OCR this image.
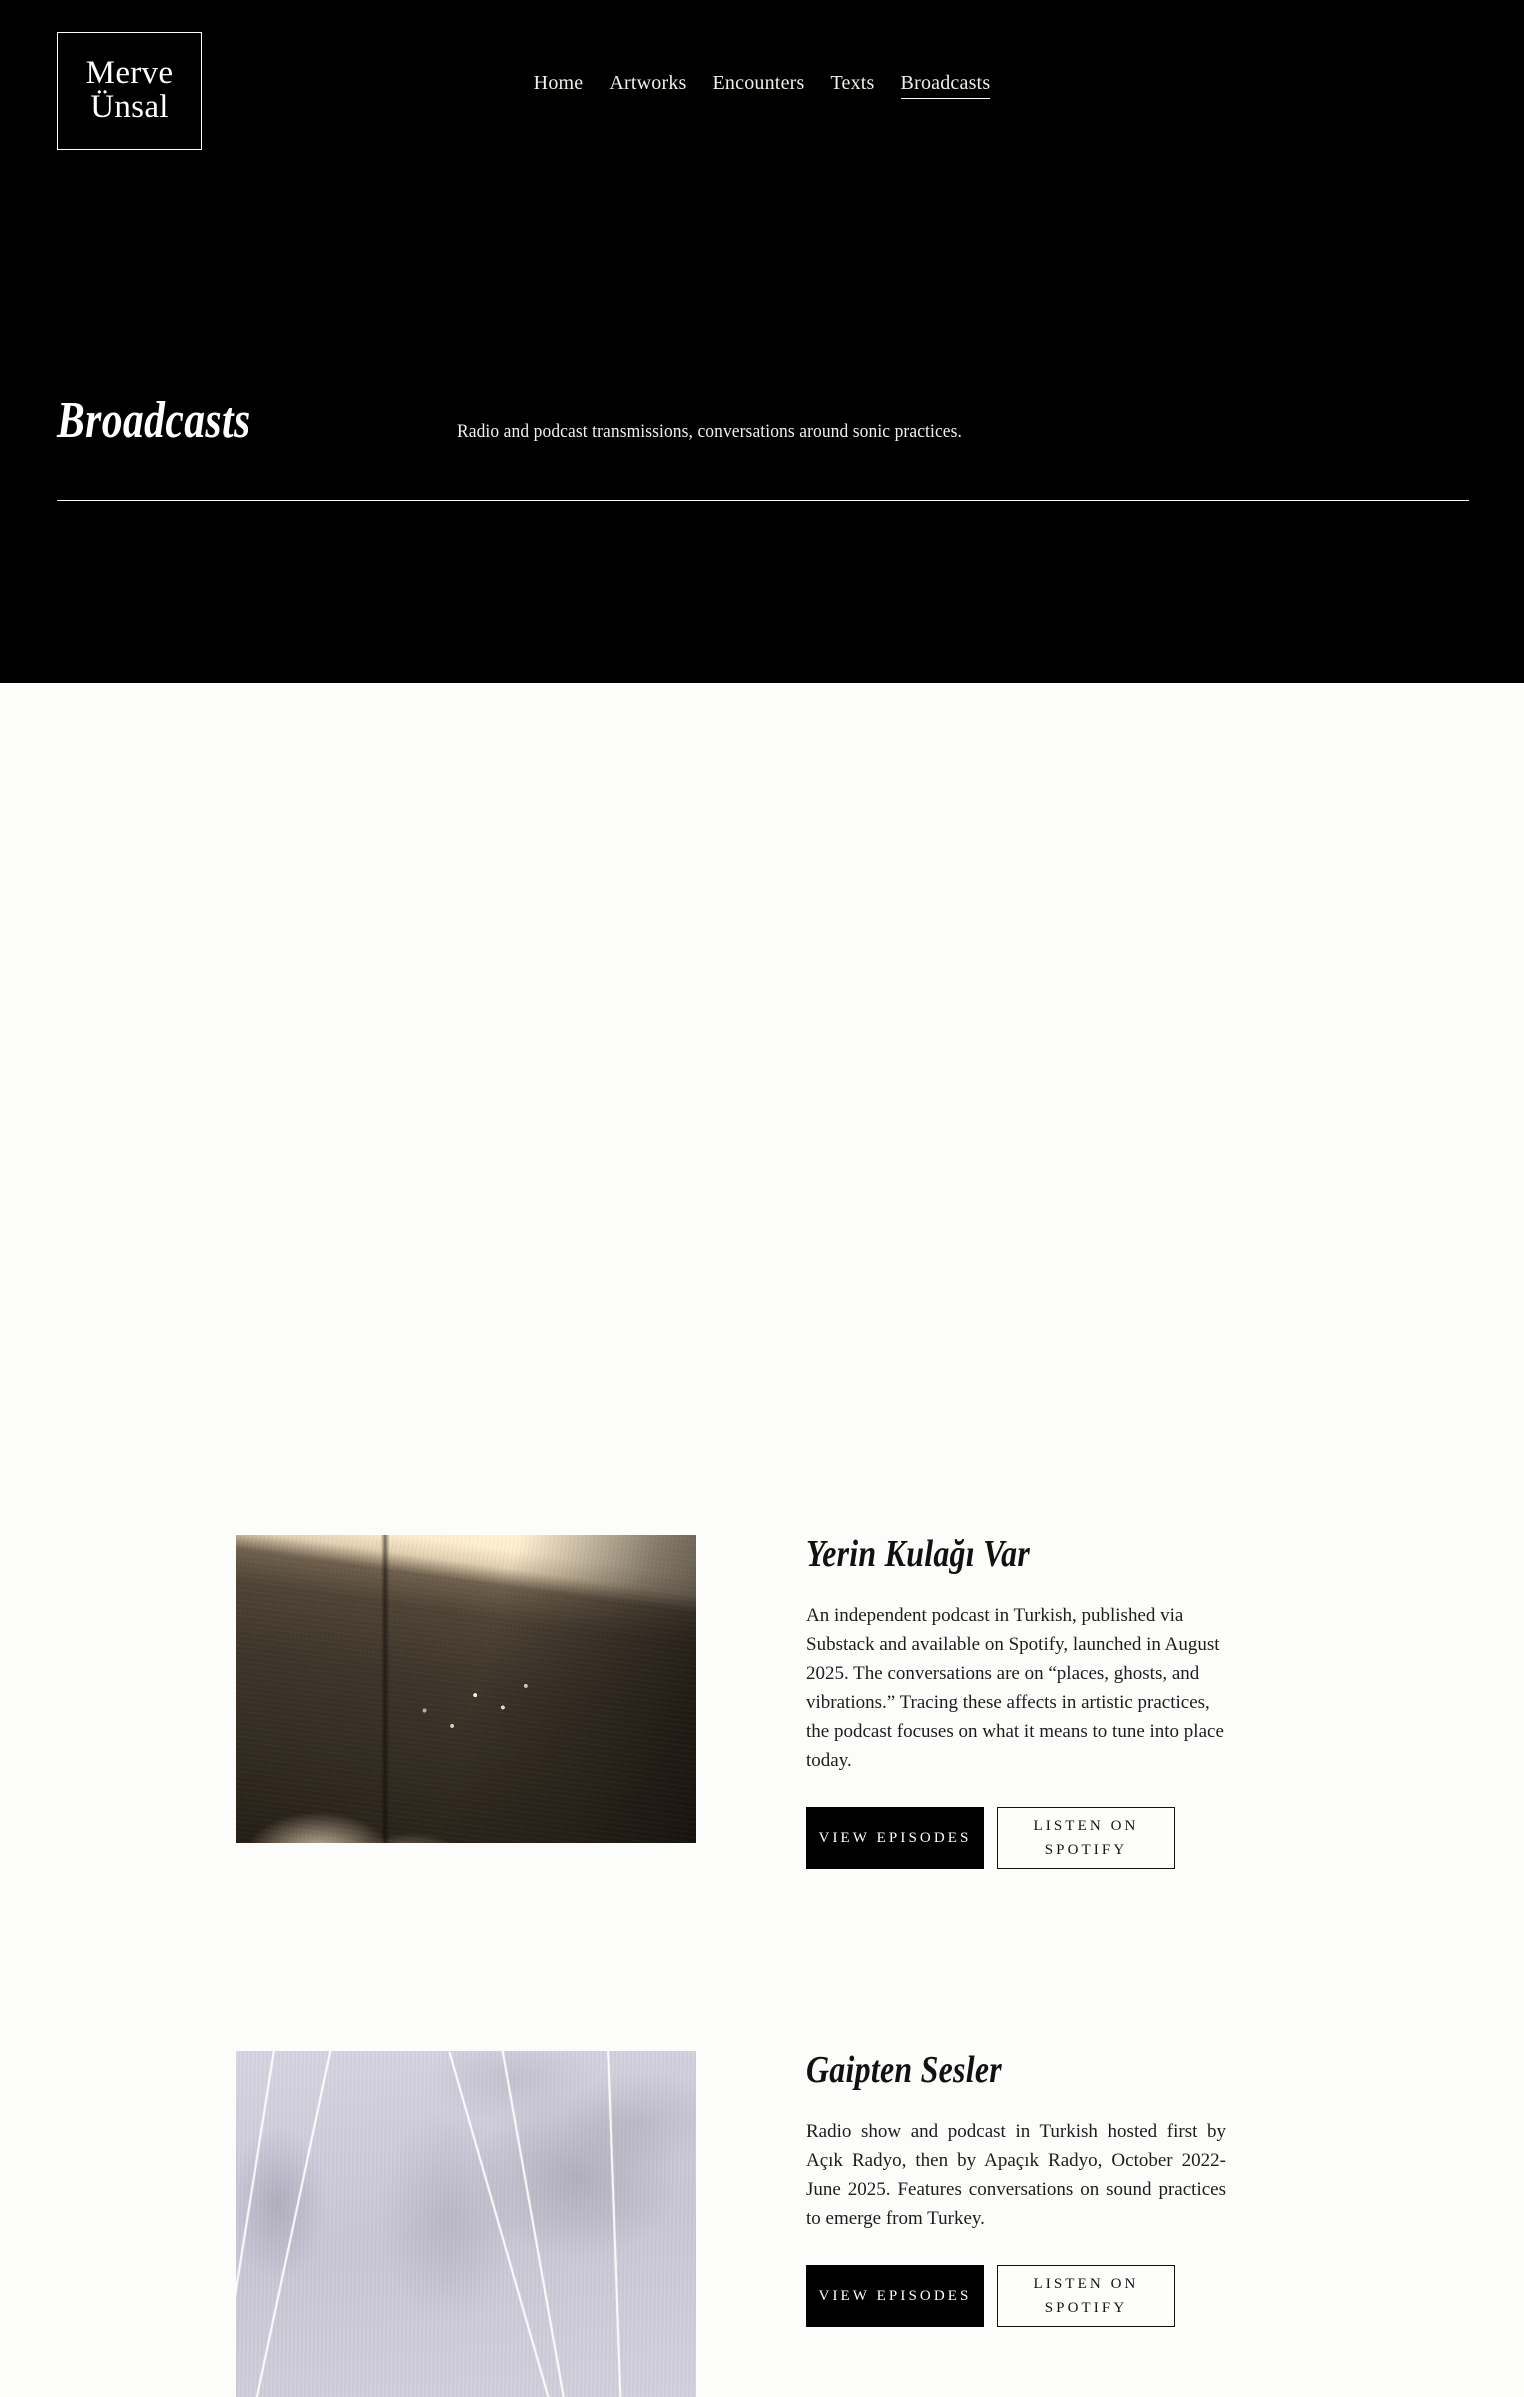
Merve
Ünsal
Home Artworks Encounters Texts Broadcasts
Broadcasts	Radio and podcast transmissions, conversations around sonic practices.

Yerin Kulağı Var

An independent podcast in Turkish, published via Substack and available on Spotify, launched in August 2025. The conversations are on “places, ghosts, and vibrations.” Tracing these affects in artistic practices, the podcast focuses on what it means to tune into place today.

VIEW EPISODES
LISTEN ON SPOTIFY
Gaipten Sesler

Radio show and podcast in Turkish hosted first by Açık Radyo, then by Apaçık Radyo, October 2022-June 2025. Features conversations on sound practices to emerge from Turkey.

VIEW EPISODES
LISTEN ON SPOTIFY
